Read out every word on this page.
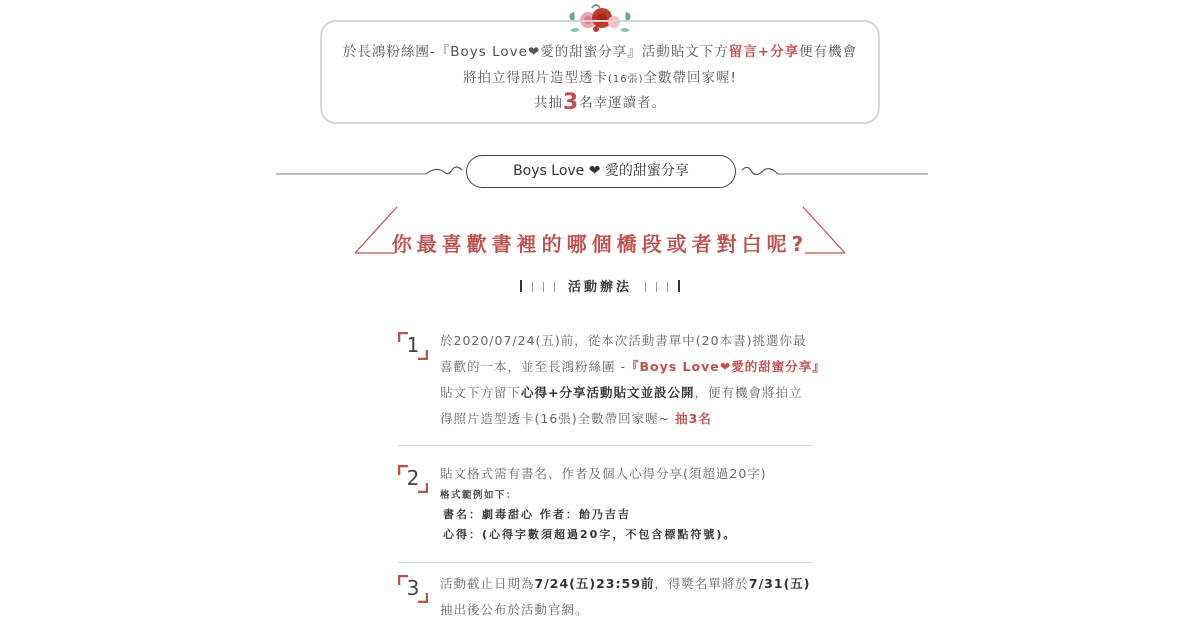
於長鴻粉絲團-『Boys Love❤愛的甜蜜分享』活動貼文下方留言+分享便有機會
將拍立得照片造型透卡(16張)全數帶回家喔!
共抽3名幸運讀者。
Boys Love ❤ 愛的甜蜜分享
你最喜歡書裡的哪個橋段或者對白呢?
活動辦法
1	於2020/07/24(五)前，從本次活動書單中(20本書)挑選你最
喜歡的一本，並至長鴻粉絲團 -『Boys Love❤愛的甜蜜分享』
貼文下方留下心得+分享活動貼文並設公開，便有機會將拍立
得照片造型透卡(16張)全數帶回家喔~ 抽3名
2	貼文格式需有書名、作者及個人心得分享(須超過20字)
格式範例如下：
書名：劇毒甜心 作者：飴乃吉吉
心得：(心得字數須超過20字，不包含標點符號)。
3	活動截止日期為7/24(五)23:59前，得獎名單將於7/31(五)
抽出後公布於活動官網。
